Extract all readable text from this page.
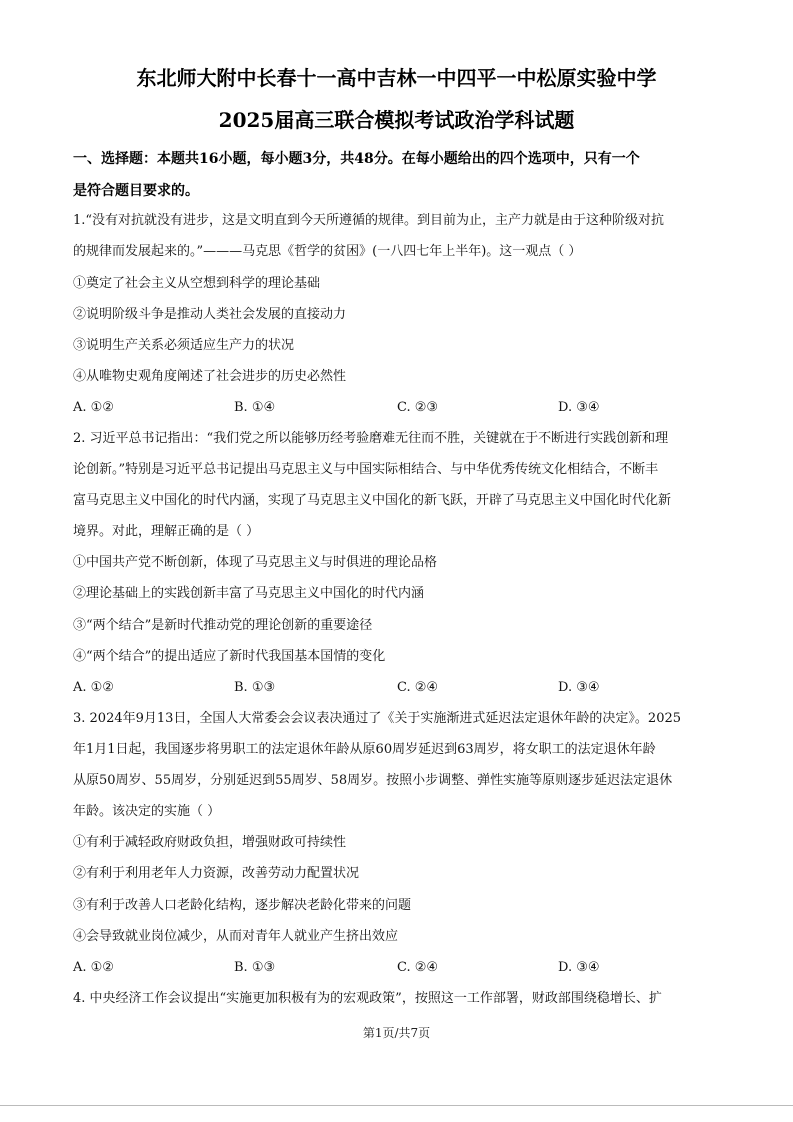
东北师大附中长春十一高中吉林一中四平一中松原实验中学
2025届高三联合模拟考试政治学科试题
一、选择题：本题共16小题，每小题3分，共48分。在每小题给出的四个选项中，只有一个
是符合题目要求的。
1.“没有对抗就没有进步，这是文明直到今天所遵循的规律。到目前为止，主产力就是由于这种阶级对抗
的规律而发展起来的。”———马克思《哲学的贫困》(一八四七年上半年)。这一观点（ ）
①奠定了社会主义从空想到科学的理论基础
②说明阶级斗争是推动人类社会发展的直接动力
③说明生产关系必须适应生产力的状况
④从唯物史观角度阐述了社会进步的历史必然性
A. ①②	B. ①④	C. ②③	D. ③④
2. 习近平总书记指出：“我们党之所以能够历经考验磨难无往而不胜，关键就在于不断进行实践创新和理
论创新。”特别是习近平总书记提出马克思主义与中国实际相结合、与中华优秀传统文化相结合，不断丰
富马克思主义中国化的时代内涵，实现了马克思主义中国化的新飞跃，开辟了马克思主义中国化时代化新
境界。对此，理解正确的是（ ）
①中国共产党不断创新，体现了马克思主义与时俱进的理论品格
②理论基础上的实践创新丰富了马克思主义中国化的时代内涵
③“两个结合”是新时代推动党的理论创新的重要途径
④“两个结合”的提出适应了新时代我国基本国情的变化
A. ①②	B. ①③	C. ②④	D. ③④
3. 2024年9月13日，全国人大常委会会议表决通过了《关于实施渐进式延迟法定退休年龄的决定》。2025
年1月1日起，我国逐步将男职工的法定退休年龄从原60周岁延迟到63周岁，将女职工的法定退休年龄
从原50周岁、55周岁，分别延迟到55周岁、58周岁。按照小步调整、弹性实施等原则逐步延迟法定退休
年龄。该决定的实施（ ）
①有利于减轻政府财政负担，增强财政可持续性
②有利于利用老年人力资源，改善劳动力配置状况
③有利于改善人口老龄化结构，逐步解决老龄化带来的问题
④会导致就业岗位减少，从而对青年人就业产生挤出效应
A. ①②	B. ①③	C. ②④	D. ③④
4. 中央经济工作会议提出“实施更加积极有为的宏观政策”，按照这一工作部署，财政部围绕稳增长、扩
第1页/共7页
